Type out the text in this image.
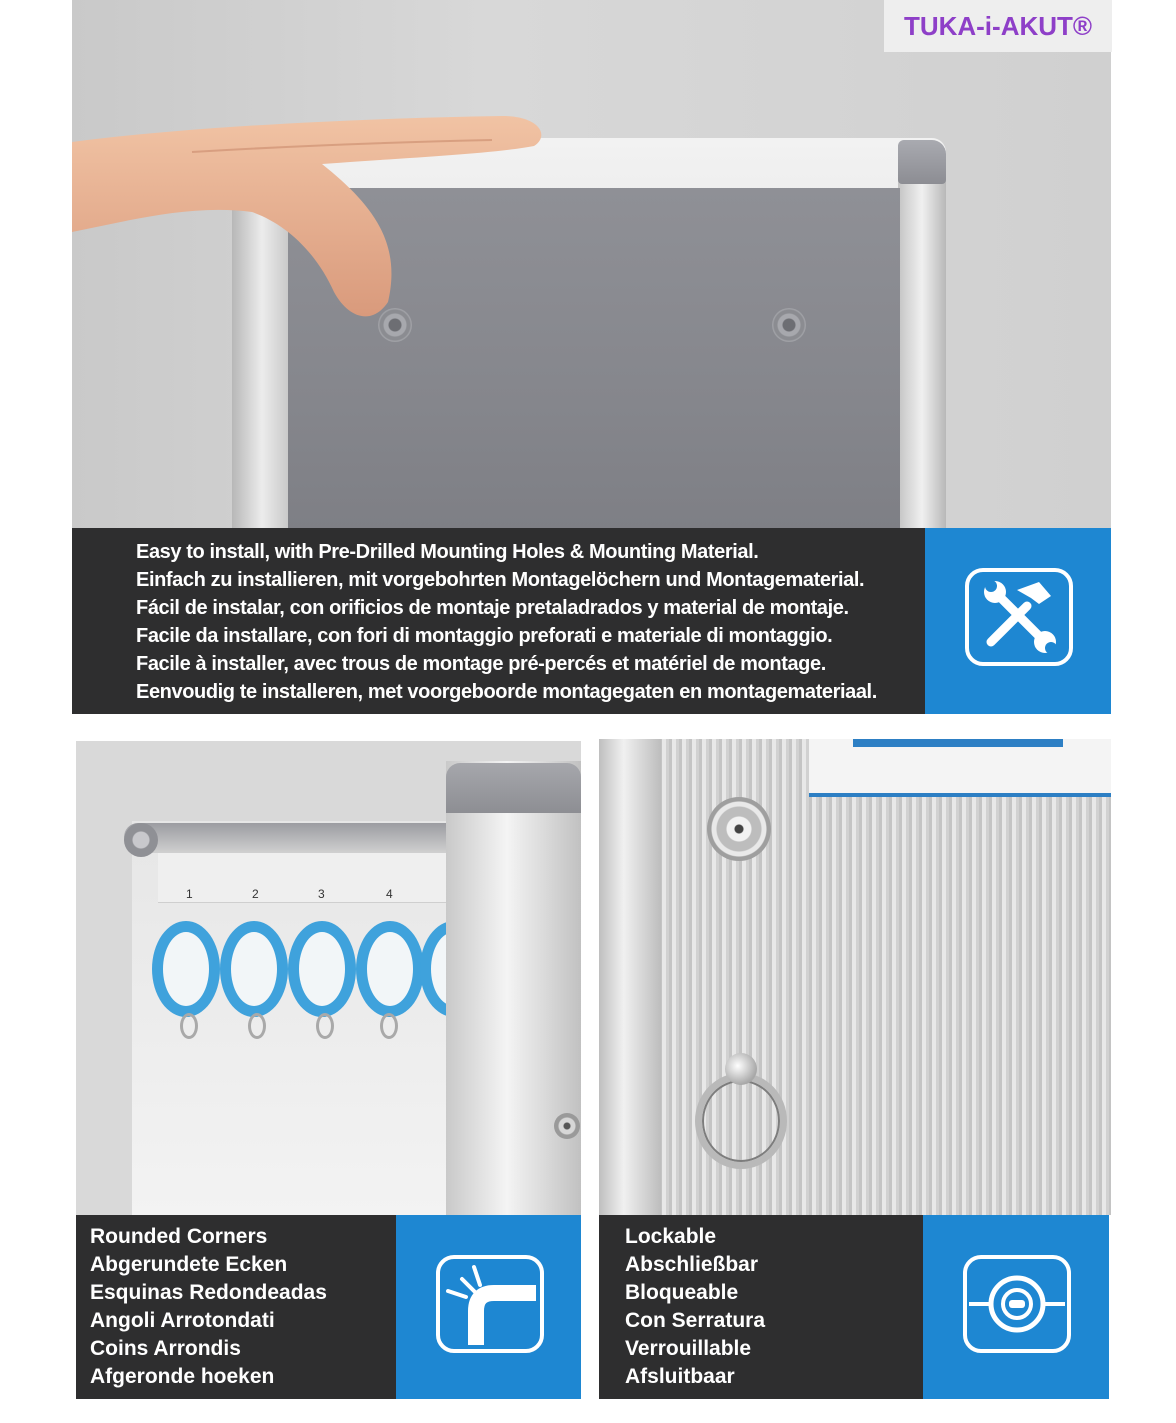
TUKA-i-AKUT®

Easy to install, with Pre-Drilled Mounting Holes & Mounting Material.

Einfach zu installieren, mit vorgebohrten Montagelöchern und Montagematerial.

Fácil de instalar, con orificios de montaje pretaladrados y material de montaje.

Facile da installare, con fori di montaggio preforati e materiale di montaggio.

Facile à installer, avec trous de montage pré-percés et matériel de montage.

Eenvoudig te installeren, met voorgeboorde montagegaten en montagemateriaal.

1	2	3	4

Rounded Corners

Abgerundete Ecken

Esquinas Redondeadas

Angoli Arrotondati

Coins Arrondis

Afgeronde hoeken

Lockable

Abschließbar

Bloqueable

Con Serratura

Verrouillable

Afsluitbaar
